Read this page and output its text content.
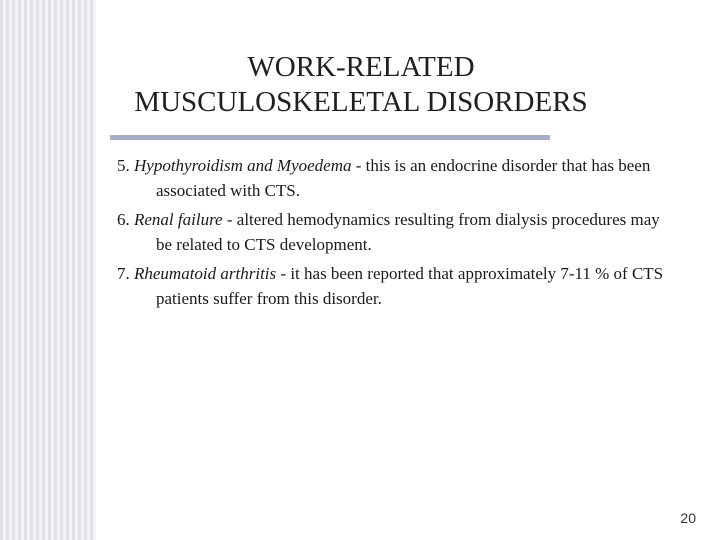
WORK-RELATED
MUSCULOSKELETAL DISORDERS
5. Hypothyroidism and Myoedema ‑ this is an endocrine disorder that has been associated with CTS.
6. Renal failure ‑ altered hemodynamics resulting from dialysis procedures may be related to CTS development.
7. Rheumatoid arthritis ‑ it has been reported that approximately 7‑11 % of CTS patients suffer from this disorder.
20
